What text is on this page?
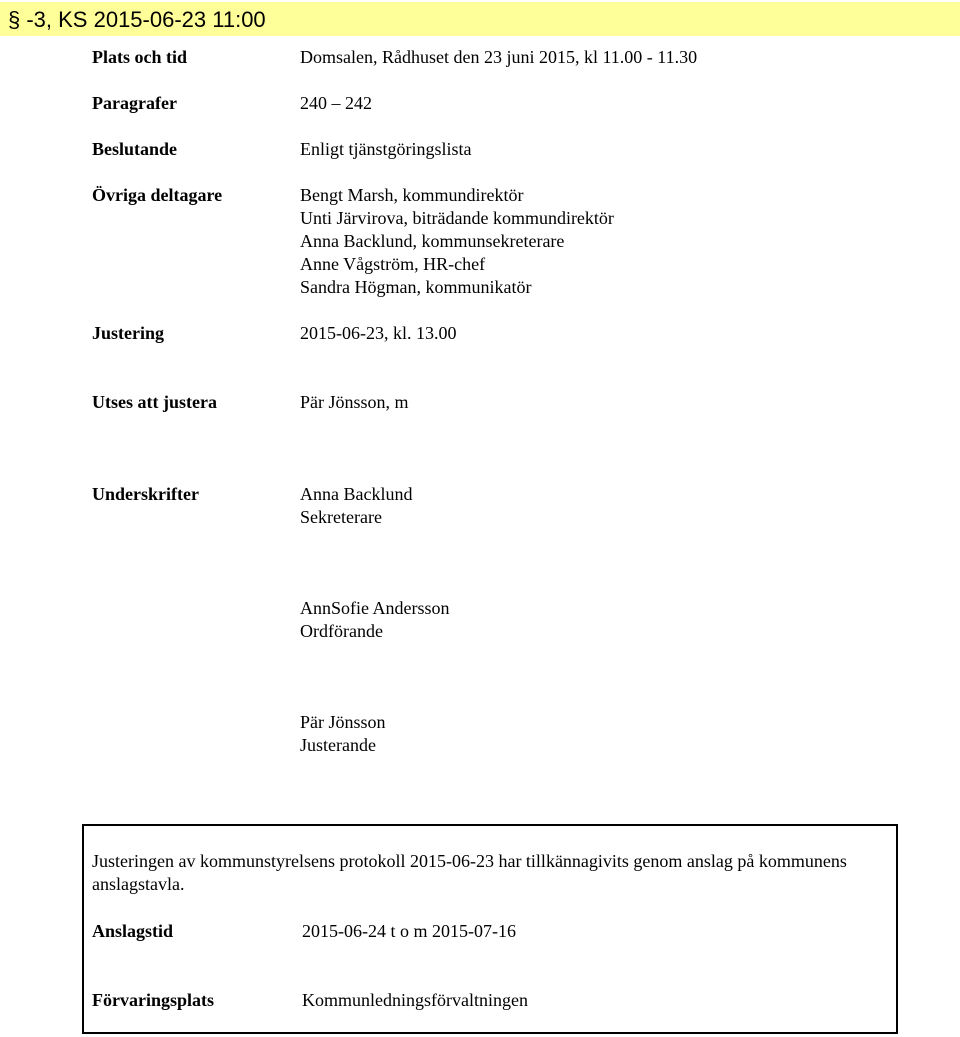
§ -3, KS 2015-06-23 11:00
Plats och tid	Domsalen, Rådhuset den 23 juni 2015, kl 11.00 - 11.30
Paragrafer	240 – 242
Beslutande	Enligt tjänstgöringslista
Övriga deltagare	Bengt Marsh, kommundirektör
Unti Järvirova, biträdande kommundirektör
Anna Backlund, kommunsekreterare
Anne Vågström, HR-chef
Sandra Högman, kommunikatör
Justering	2015-06-23, kl. 13.00
Utses att justera	Pär Jönsson, m
Underskrifter	Anna Backlund
Sekreterare
AnnSofie Andersson
Ordförande
Pär Jönsson
Justerande
Justeringen av kommunstyrelsens protokoll 2015-06-23 har tillkännagivits genom anslag på kommunens anslagstavla.
Anslagstid	2015-06-24 t o m 2015-07-16
Förvaringsplats	Kommunledningsförvaltningen
